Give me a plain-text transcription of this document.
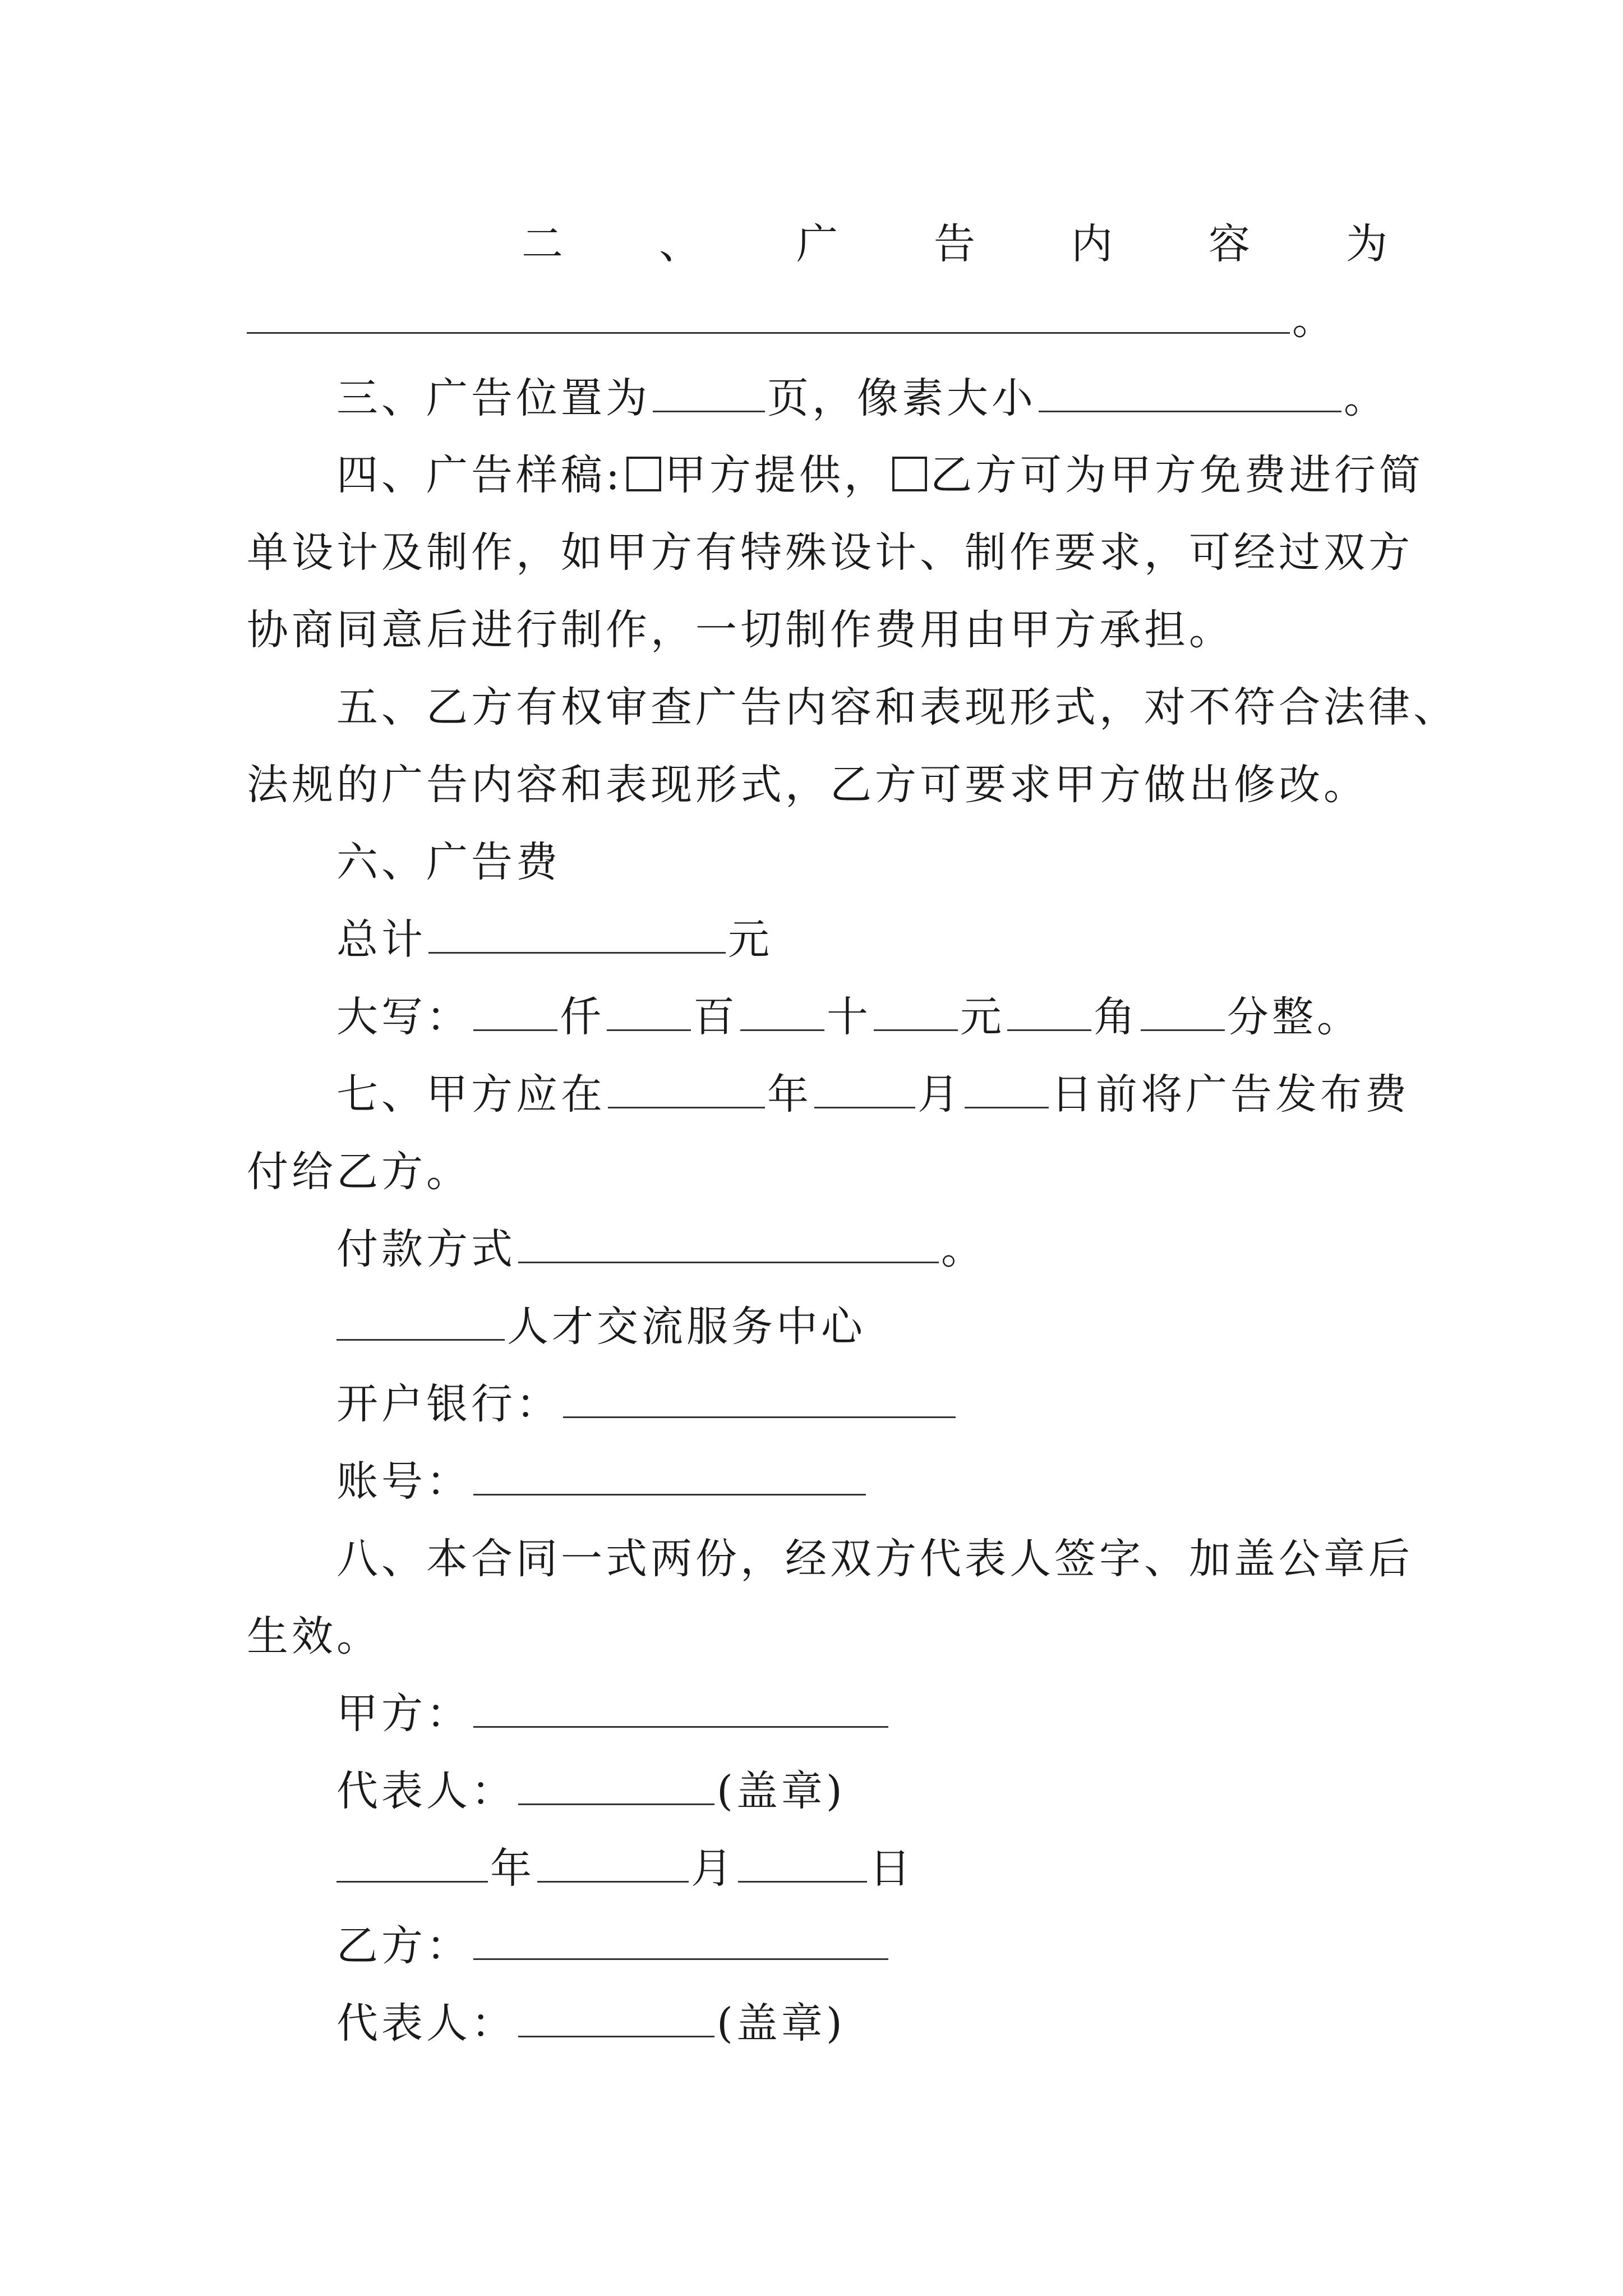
二 、 广 告 内 容 为
。
三、广告位置为	页，像素大小	。
四、广告样稿: 甲方提供， 乙方可为甲方免费进行简
单设计及制作，如甲方有特殊设计、制作要求，可经过双方
协商同意后进行制作，一切制作费用由甲方承担。
五、乙方有权审查广告内容和表现形式，对不符合法律、
法规的广告内容和表现形式，乙方可要求甲方做出修改。
六、广告费
总计	元
大写： 仟 百 十 元 角 分整。
七、甲方应在	年	月 日前将广告发布费
付给乙方。
付款方式	。
人才交流服务中心
开户银行：
账号：
八、本合同一式两份，经双方代表人签字、加盖公章后
生效。
甲方：
代表人：	(盖章)
年	月	日
乙方：
代表人：	(盖章)
